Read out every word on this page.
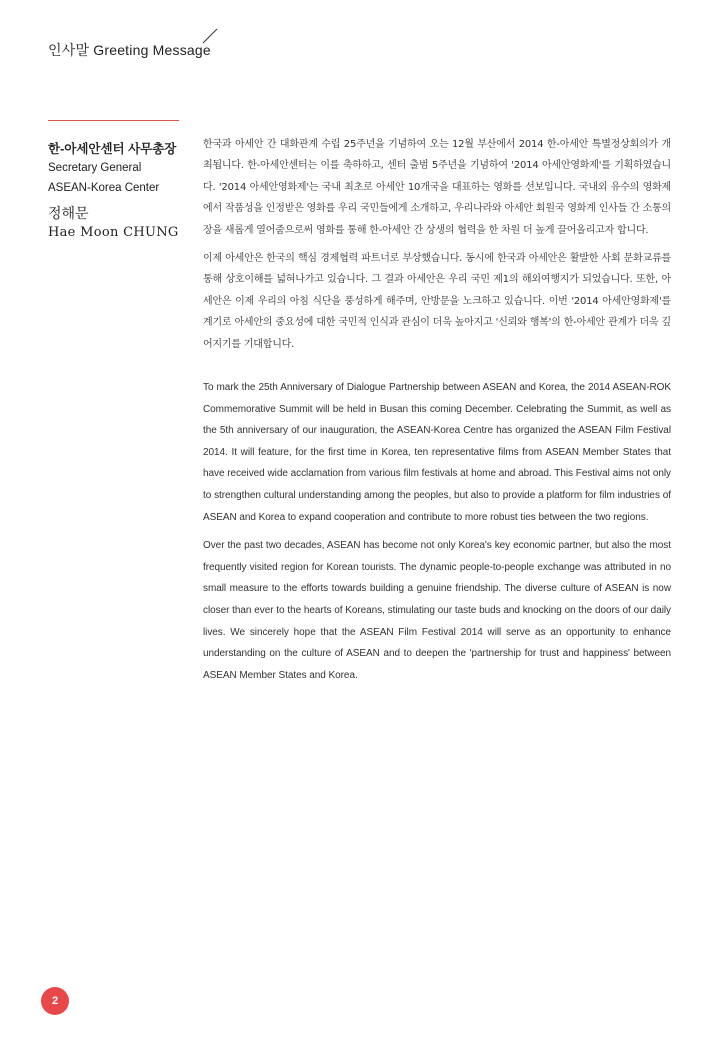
인사말 Greeting Message
한-아세안센터 사무총장
Secretary General
ASEAN-Korea Center
정해문
Hae Moon CHUNG

한국과 아세안 간 대화관계 수립 25주년을 기념하여 오는 12월 부산에서 2014 한-아세안 특별정상회의가 개최됩니다. 한-아세안센터는 이를 축하하고, 센터 출범 5주년을 기념하여 '2014 아세안영화제'를 기획하였습니다. '2014 아세안영화제'는 국내 최초로 아세안 10개국을 대표하는 영화를 선보입니다. 국내외 유수의 영화제에서 작품성을 인정받은 영화를 우리 국민들에게 소개하고, 우리나라와 아세안 회원국 영화계 인사들 간 소통의 장을 새롭게 열어줌으로써 영화를 통해 한-아세안 간 상생의 협력을 한 차원 더 높게 끌어올리고자 합니다.

이제 아세안은 한국의 핵심 경제협력 파트너로 부상했습니다. 동시에 한국과 아세안은 활발한 사회 문화교류를 통해 상호이해를 넓혀나가고 있습니다. 그 결과 아세안은 우리 국민 제1의 해외여행지가 되었습니다. 또한, 아세안은 이제 우리의 아침 식단을 풍성하게 해주며, 안방문을 노크하고 있습니다. 이번 '2014 아세안영화제'를 계기로 아세안의 중요성에 대한 국민적 인식과 관심이 더욱 높아지고 '신뢰와 행복'의 한-아세안 관계가 더욱 깊어지기를 기대합니다.

To mark the 25th Anniversary of Dialogue Partnership between ASEAN and Korea, the 2014 ASEAN-ROK Commemorative Summit will be held in Busan this coming December. Celebrating the Summit, as well as the 5th anniversary of our inauguration, the ASEAN-Korea Centre has organized the ASEAN Film Festival 2014. It will feature, for the first time in Korea, ten representative films from ASEAN Member States that have received wide acclamation from various film festivals at home and abroad. This Festival aims not only to strengthen cultural understanding among the peoples, but also to provide a platform for film industries of ASEAN and Korea to expand cooperation and contribute to more robust ties between the two regions.

Over the past two decades, ASEAN has become not only Korea's key economic partner, but also the most frequently visited region for Korean tourists. The dynamic people-to-people exchange was attributed in no small measure to the efforts towards building a genuine friendship. The diverse culture of ASEAN is now closer than ever to the hearts of Koreans, stimulating our taste buds and knocking on the doors of our daily lives. We sincerely hope that the ASEAN Film Festival 2014 will serve as an opportunity to enhance understanding on the culture of ASEAN and to deepen the 'partnership for trust and happiness' between ASEAN Member States and Korea.

2
